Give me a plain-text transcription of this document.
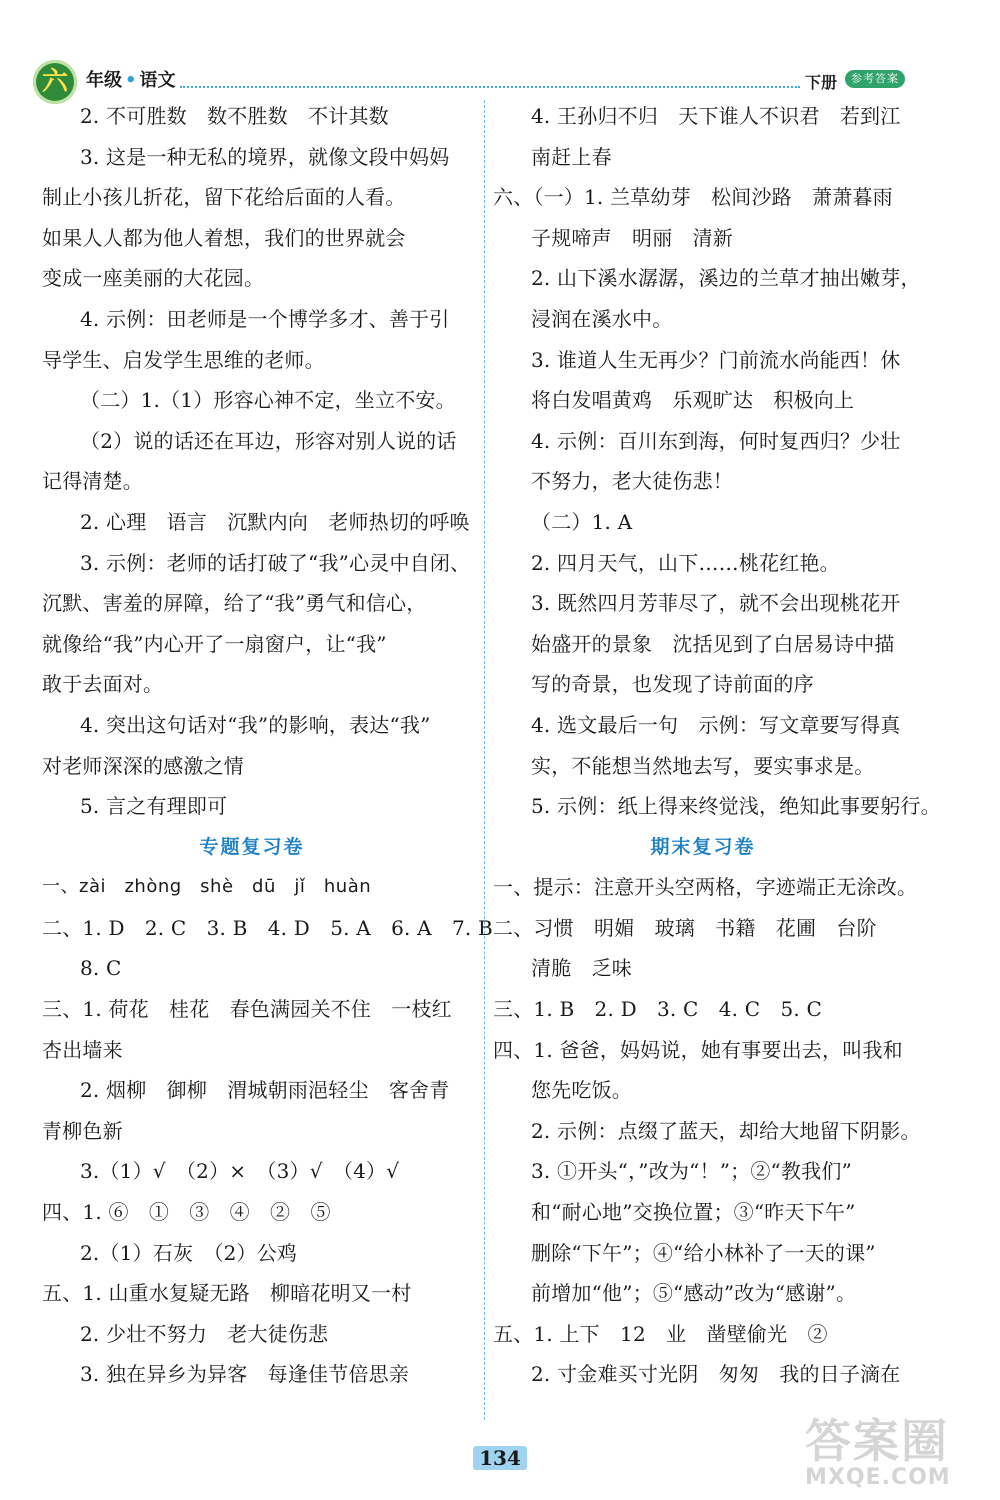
六	年级 • 语文	下册	参考答案
2. 不可胜数　数不胜数　不计其数
3. 这是一种无私的境界，就像文段中妈妈
制止小孩儿折花，留下花给后面的人看。
如果人人都为他人着想，我们的世界就会
变成一座美丽的大花园。
4. 示例：田老师是一个博学多才、善于引
导学生、启发学生思维的老师。
（二）1.（1）形容心神不定，坐立不安。
（2）说的话还在耳边，形容对别人说的话
记得清楚。
2. 心理　语言　沉默内向　老师热切的呼唤
3. 示例：老师的话打破了“我”心灵中自闭、
沉默、害羞的屏障，给了“我”勇气和信心，
就像给“我”内心开了一扇窗户，让“我”
敢于去面对。
4. 突出这句话对“我”的影响，表达“我”
对老师深深的感激之情
5. 言之有理即可
专题复习卷
一、zài　zhòng　shè　dū　jǐ　huàn
二、1. D　2. C　3. B　4. D　5. A　6. A　7. B
8. C
三、1. 荷花　桂花　春色满园关不住　一枝红
杏出墙来
2. 烟柳　御柳　渭城朝雨浥轻尘　客舍青
青柳色新
3.（1）√　（2）×　（3）√　（4）√
四、1. ⑥　①　③　④　②　⑤
2.（1）石灰　（2）公鸡
五、1. 山重水复疑无路　柳暗花明又一村
2. 少壮不努力　老大徒伤悲
3. 独在异乡为异客　每逢佳节倍思亲
4. 王孙归不归　天下谁人不识君　若到江
南赶上春
六、（一）1. 兰草幼芽　松间沙路　萧萧暮雨
子规啼声　明丽　清新
2. 山下溪水潺潺，溪边的兰草才抽出嫩芽，
浸润在溪水中。
3. 谁道人生无再少？门前流水尚能西！休
将白发唱黄鸡　乐观旷达　积极向上
4. 示例：百川东到海，何时复西归？少壮
不努力，老大徒伤悲！
（二）1. A
2. 四月天气，山下……桃花红艳。
3. 既然四月芳菲尽了，就不会出现桃花开
始盛开的景象　沈括见到了白居易诗中描
写的奇景，也发现了诗前面的序
4. 选文最后一句　示例：写文章要写得真
实，不能想当然地去写，要实事求是。
5. 示例：纸上得来终觉浅，绝知此事要躬行。
期末复习卷
一、提示：注意开头空两格，字迹端正无涂改。
二、习惯　明媚　玻璃　书籍　花圃　台阶
清脆　乏味
三、1. B　2. D　3. C　4. C　5. C
四、1. 爸爸，妈妈说，她有事要出去，叫我和
您先吃饭。
2. 示例：点缀了蓝天，却给大地留下阴影。
3. ①开头“，”改为“！”；②“教我们”
和“耐心地”交换位置；③“昨天下午”
删除“下午”；④“给小林补了一天的课”
前增加“他”；⑤“感动”改为“感谢”。
五、1. 上下　12　业　凿壁偷光　②
2. 寸金难买寸光阴　匆匆　我的日子滴在
134	答案圈
MXQE.COM
